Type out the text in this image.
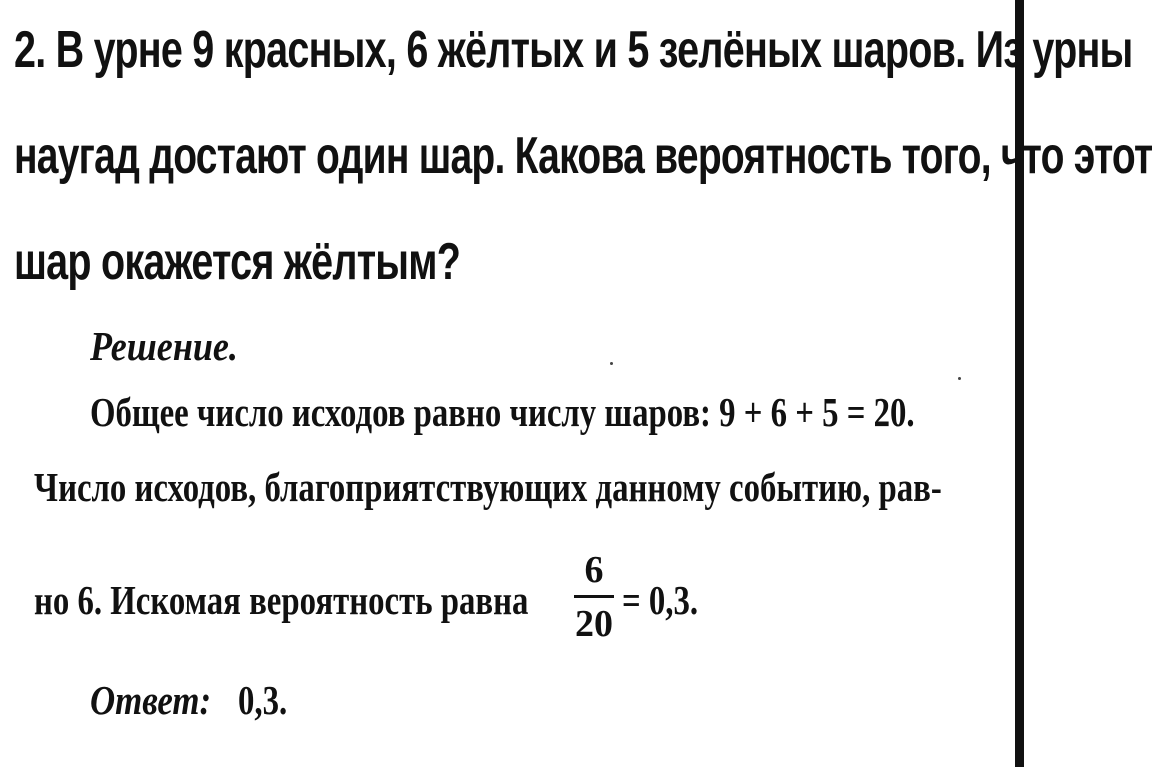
2. В урне 9 красных, 6 жёлтых и 5 зелёных шаров. Из урны
наугад достают один шар. Какова вероятность того, что этот
шар окажется жёлтым?
Решение.
Общее число исходов равно числу шаров: 9 + 6 + 5 = 20.
Число исходов, благоприятствующих данному событию, рав-
но 6. Искомая вероятность равна
6
20
= 0,3.
Ответ: 0,3.
